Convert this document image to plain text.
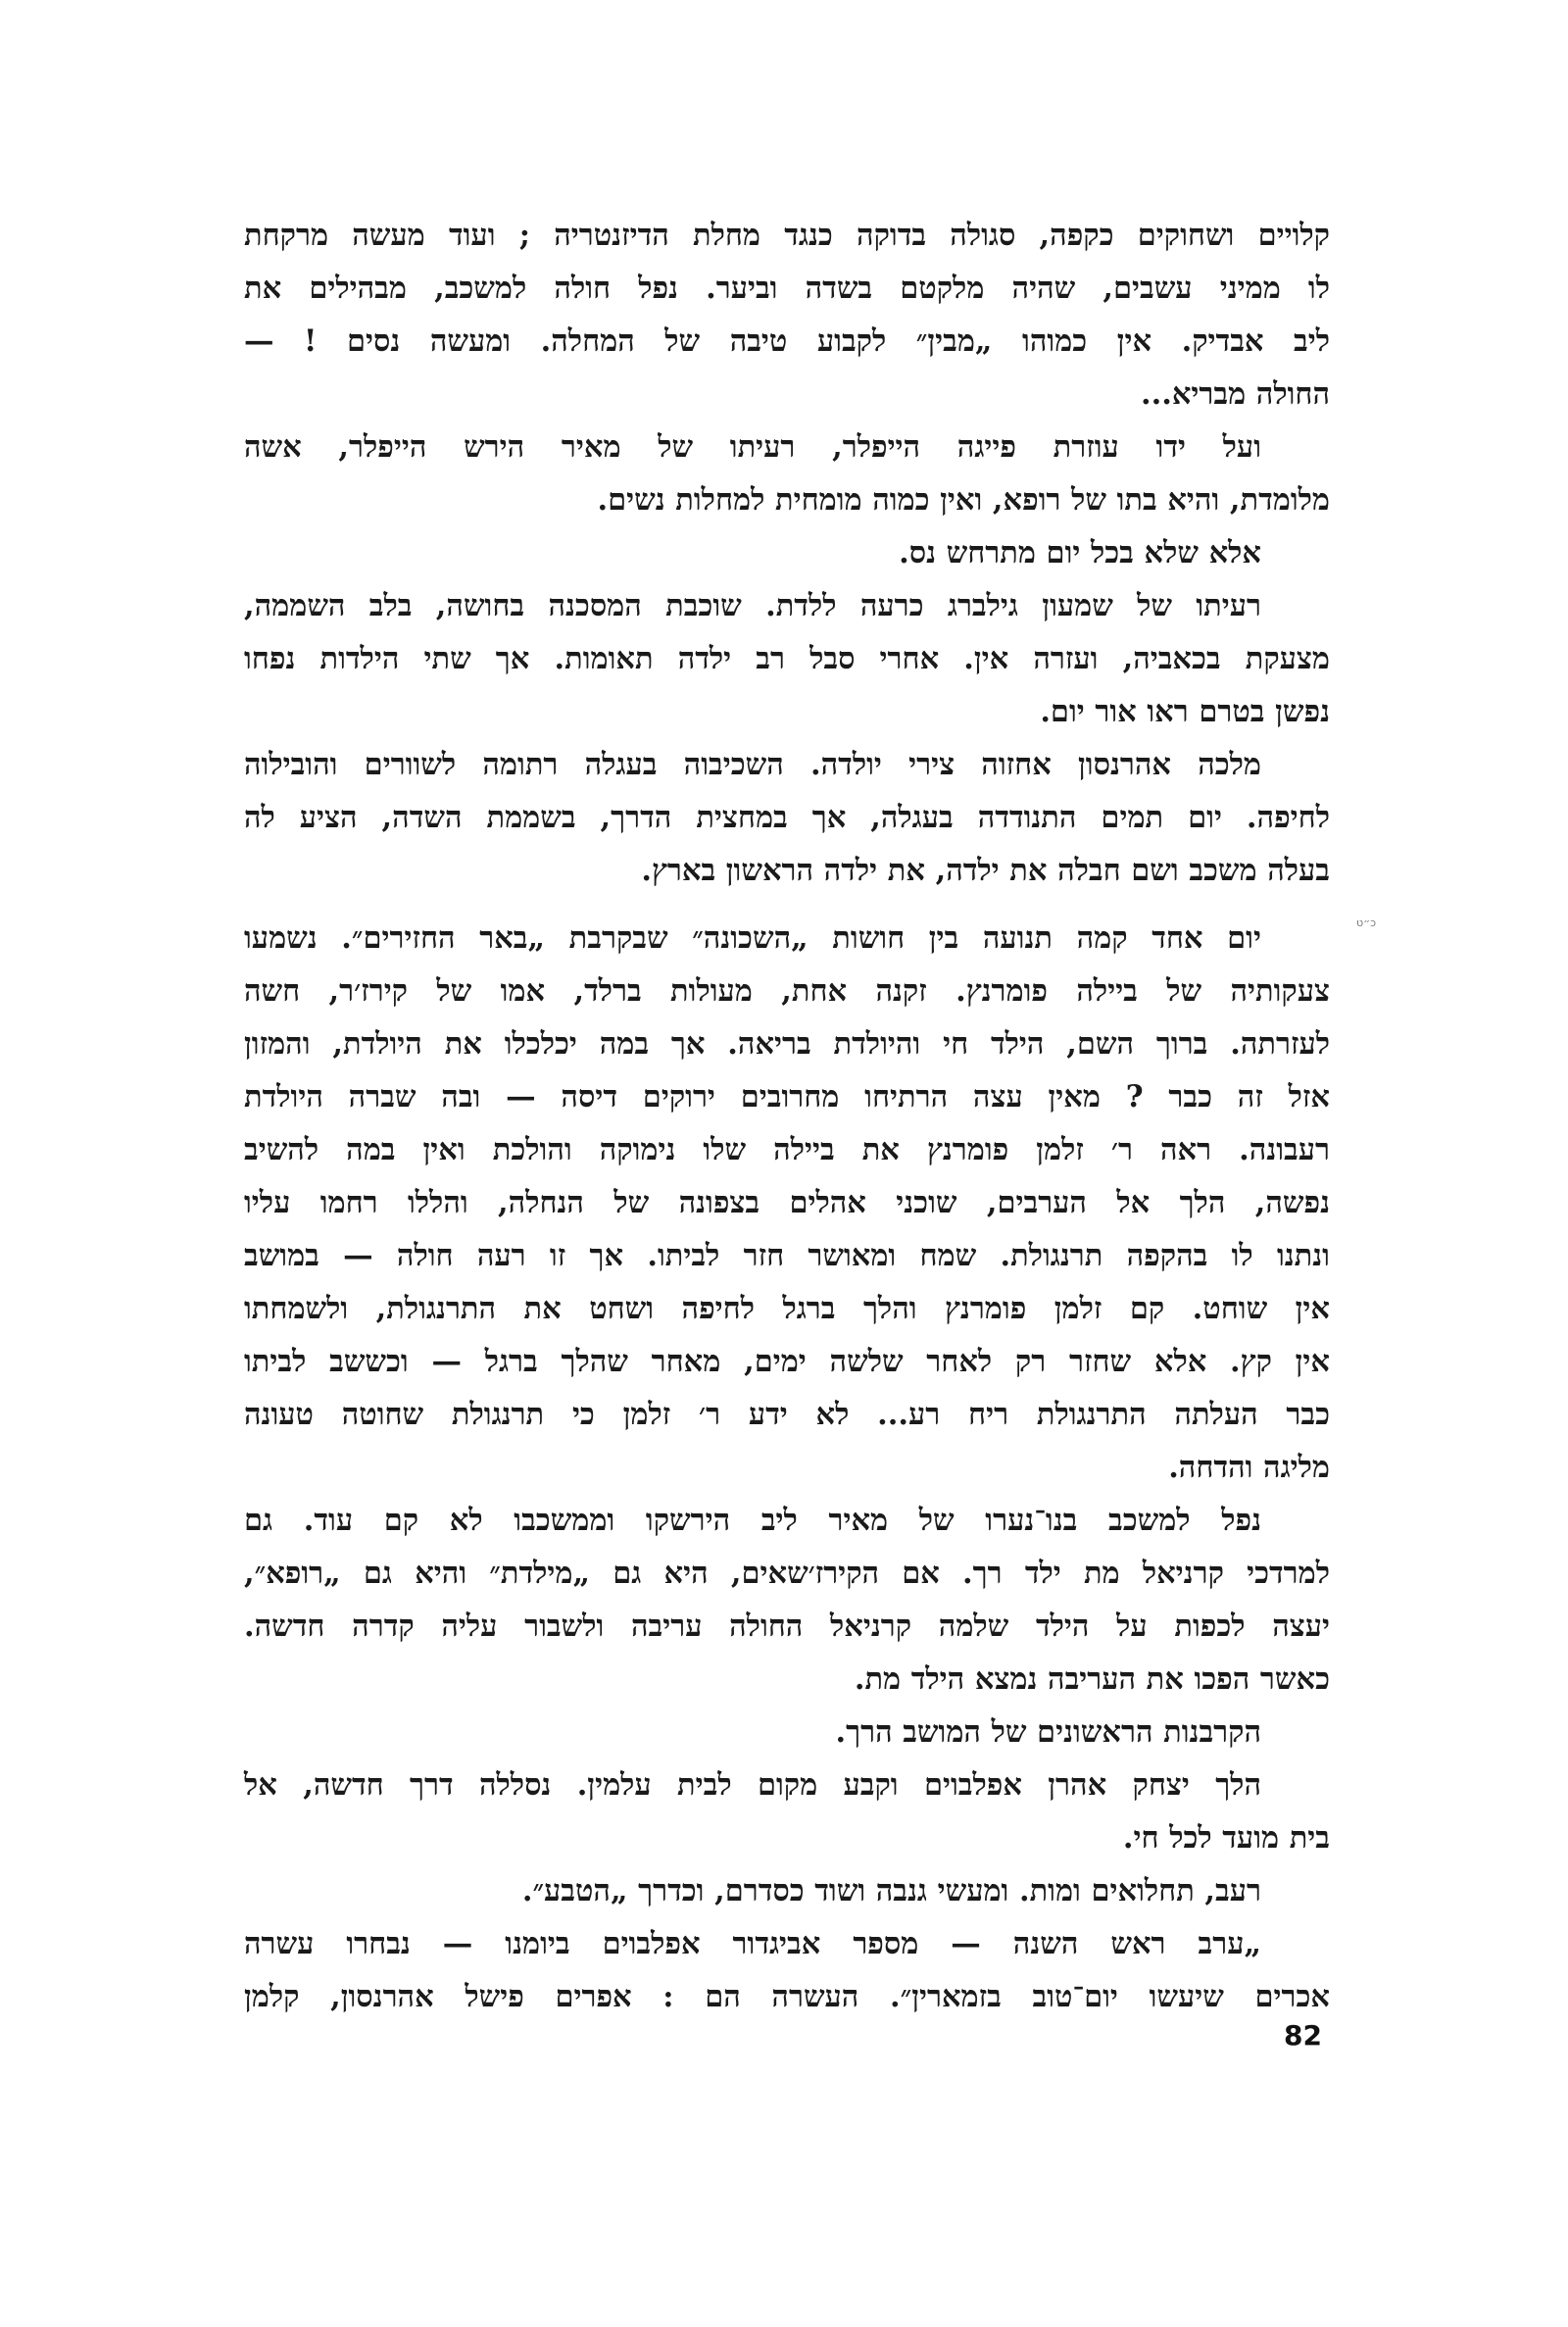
קלויים ושחוקים כקפה, סגולה בדוקה כנגד מחלת הדיזנטריה ; ועוד מעשה מרקחת
לו ממיני עשבים, שהיה מלקטם בשדה וביער. נפל חולה למשכב, מבהילים את
ליב אבדיק. אין כמוהו „מבין״ לקבוע טיבה של המחלה. ומעשה נסים ! —
החולה מבריא...
ועל ידו עוזרת פייגה הייפלר, רעיתו של מאיר הירש הייפלר, אשה
מלומדת, והיא בתו של רופא, ואין כמוה מומחית למחלות נשים.
אלא שלא בכל יום מתרחש נס.
רעיתו של שמעון גילברג כרעה ללדת. שוכבת המסכנה בחושה, בלב השממה,
מצעקת בכאביה, ועזרה אין. אחרי סבל רב ילדה תאומות. אך שתי הילדות נפחו
נפשן בטרם ראו אור יום.
מלכה אהרנסון אחזוה צירי יולדה. השכיבוה בעגלה רתומה לשוורים והובילוה
לחיפה. יום תמים התנודדה בעגלה, אך במחצית הדרך, בשממת השדה, הציע לה
בעלה משכב ושם חבלה את ילדה, את ילדה הראשון בארץ.
כ״ט
יום אחד קמה תנועה בין חושות „השכונה״ שבקרבת „באר החזירים״. נשמעו
צעקותיה של ביילה פומרנץ. זקנה אחת, מעולות ברלד, אמו של קירז׳ר, חשה
לעזרתה. ברוך השם, הילד חי והיולדת בריאה. אך במה יכלכלו את היולדת, והמזון
אזל זה כבר ? מאין עצה הרתיחו מחרובים ירוקים דיסה — ובה שברה היולדת
רעבונה. ראה ר׳ זלמן פומרנץ את ביילה שלו נימוקה והולכת ואין במה להשיב
נפשה, הלך אל הערבים, שוכני אהלים בצפונה של הנחלה, והללו רחמו עליו
ונתנו לו בהקפה תרנגולת. שמח ומאושר חזר לביתו. אך זו רעה חולה — במושב
אין שוחט. קם זלמן פומרנץ והלך ברגל לחיפה ושחט את התרנגולת, ולשמחתו
אין קץ. אלא שחזר רק לאחר שלשה ימים, מאחר שהלך ברגל — וכששב לביתו
כבר העלתה התרנגולת ריח רע... לא ידע ר׳ זלמן כי תרנגולת שחוטה טעונה
מליגה והדחה.
נפל למשכב בנו־נערו של מאיר ליב הירשקו וממשכבו לא קם עוד. גם
למרדכי קרניאל מת ילד רך. אם הקירז׳שאים, היא גם „מילדת״ והיא גם „רופא״,
יעצה לכפות על הילד שלמה קרניאל החולה עריבה ולשבור עליה קדרה חדשה.
כאשר הפכו את העריבה נמצא הילד מת.
הקרבנות הראשונים של המושב הרך.
הלך יצחק אהרן אפלבוים וקבע מקום לבית עלמין. נסללה דרך חדשה, אל
בית מועד לכל חי.
רעב, תחלואים ומות. ומעשי גנבה ושוד כסדרם, וכדרך „הטבע״.
„ערב ראש השנה — מספר אביגדור אפלבוים ביומנו — נבחרו עשרה
אכרים שיעשו יום־טוב בזמארין״. העשרה הם : אפרים פישל אהרנסון, קלמן
82
